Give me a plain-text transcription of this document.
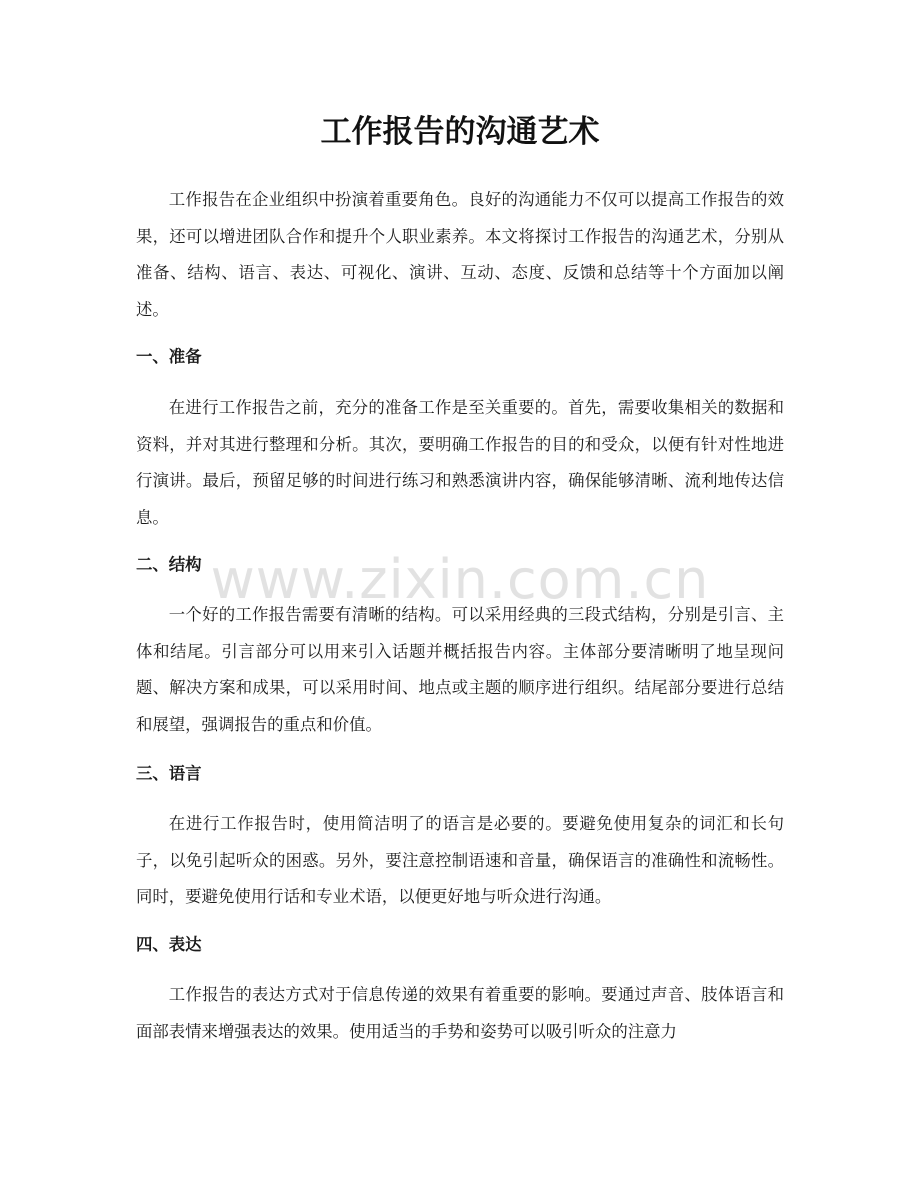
www.zixin.com.cn
工作报告的沟通艺术

工作报告在企业组织中扮演着重要角色。良好的沟通能力不仅可以提高工作报告的效果，还可以增进团队合作和提升个人职业素养。本文将探讨工作报告的沟通艺术，分别从准备、结构、语言、表达、可视化、演讲、互动、态度、反馈和总结等十个方面加以阐述。

一、准备

在进行工作报告之前，充分的准备工作是至关重要的。首先，需要收集相关的数据和资料，并对其进行整理和分析。其次，要明确工作报告的目的和受众，以便有针对性地进行演讲。最后，预留足够的时间进行练习和熟悉演讲内容，确保能够清晰、流利地传达信息。

二、结构

一个好的工作报告需要有清晰的结构。可以采用经典的三段式结构，分别是引言、主体和结尾。引言部分可以用来引入话题并概括报告内容。主体部分要清晰明了地呈现问题、解决方案和成果，可以采用时间、地点或主题的顺序进行组织。结尾部分要进行总结和展望，强调报告的重点和价值。

三、语言

在进行工作报告时，使用简洁明了的语言是必要的。要避免使用复杂的词汇和长句子，以免引起听众的困惑。另外，要注意控制语速和音量，确保语言的准确性和流畅性。同时，要避免使用行话和专业术语，以便更好地与听众进行沟通。

四、表达

工作报告的表达方式对于信息传递的效果有着重要的影响。要通过声音、肢体语言和面部表情来增强表达的效果。使用适当的手势和姿势可以吸引听众的注意力
